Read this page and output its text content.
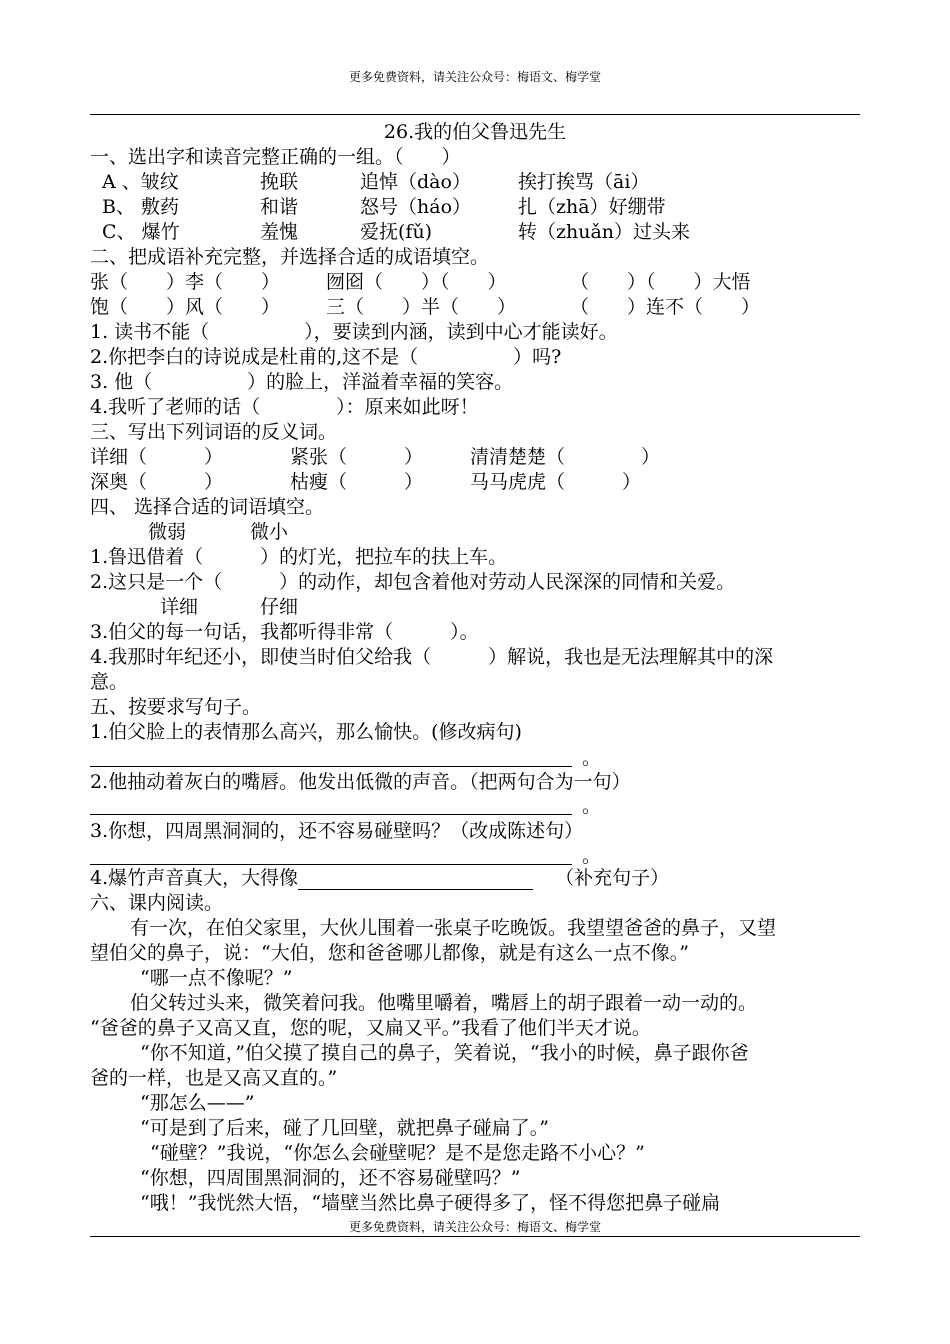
更多免费资料，请关注公众号：梅语文、梅学堂
26.我的伯父鲁迅先生
一、选出字和读音完整正确的一组。（　　）
A 、皱纹	挽联	追悼（dào） 挨打挨骂（āi）
B、 敷药	和谐	怒号（háo） 扎（zhā）好绷带
C、 爆竹	羞愧	爱抚(fǔ)	转（zhuǎn）过头来
二、把成语补充完整，并选择合适的成语填空。
张（　　）李（　　） 囫囵（　　）（　　）	（　　）（　　）大悟
饱（　　）风（　　） 三（　　）半（　　）	（　　）连不（　　）
1. 读书不能（　　　　　），要读到内涵，读到中心才能读好。
2.你把李白的诗说成是杜甫的,这不是（　　　　　）吗?
3. 他（　　　　　）的脸上，洋溢着幸福的笑容。
4.我听了老师的话（　　　　）：原来如此呀！
三、写出下列词语的反义词。
详细（　　　）	紧张（　　　） 清清楚楚（　　　　）
深奥（　　　）	枯瘦（　　　） 马马虎虎（　　　）
四、 选择合适的词语填空。
微弱	微小
1.鲁迅借着（　　　）的灯光，把拉车的扶上车。
2.这只是一个（　　　）的动作，却包含着他对劳动人民深深的同情和关爱。
详细	仔细
3.伯父的每一句话，我都听得非常（　　　）。
4.我那时年纪还小，即使当时伯父给我（　　　）解说，我也是无法理解其中的深
意。
五、按要求写句子。
1.伯父脸上的表情那么高兴，那么愉快。(修改病句)
。
2.他抽动着灰白的嘴唇。他发出低微的声音。（把两句合为一句）
。
3.你想，四周黑洞洞的，还不容易碰壁吗？（改成陈述句）
。
4.爆竹声音真大，大得像	（补充句子）
六、课内阅读。
有一次，在伯父家里，大伙儿围着一张桌子吃晚饭。我望望爸爸的鼻子，又望
望伯父的鼻子，说：“大伯，您和爸爸哪儿都像，就是有这么一点不像。”
“哪一点不像呢？”
伯父转过头来，微笑着问我。他嘴里嚼着，嘴唇上的胡子跟着一动一动的。
“爸爸的鼻子又高又直，您的呢，又扁又平。”我看了他们半天才说。
“你不知道，”伯父摸了摸自己的鼻子，笑着说，“我小的时候，鼻子跟你爸
爸的一样，也是又高又直的。”
“那怎么——”
“可是到了后来，碰了几回壁，就把鼻子碰扁了。”
“碰壁？”我说，“你怎么会碰壁呢？是不是您走路不小心？”
“你想，四周围黑洞洞的，还不容易碰壁吗？”
“哦！”我恍然大悟，“墙壁当然比鼻子硬得多了，怪不得您把鼻子碰扁
更多免费资料，请关注公众号：梅语文、梅学堂
